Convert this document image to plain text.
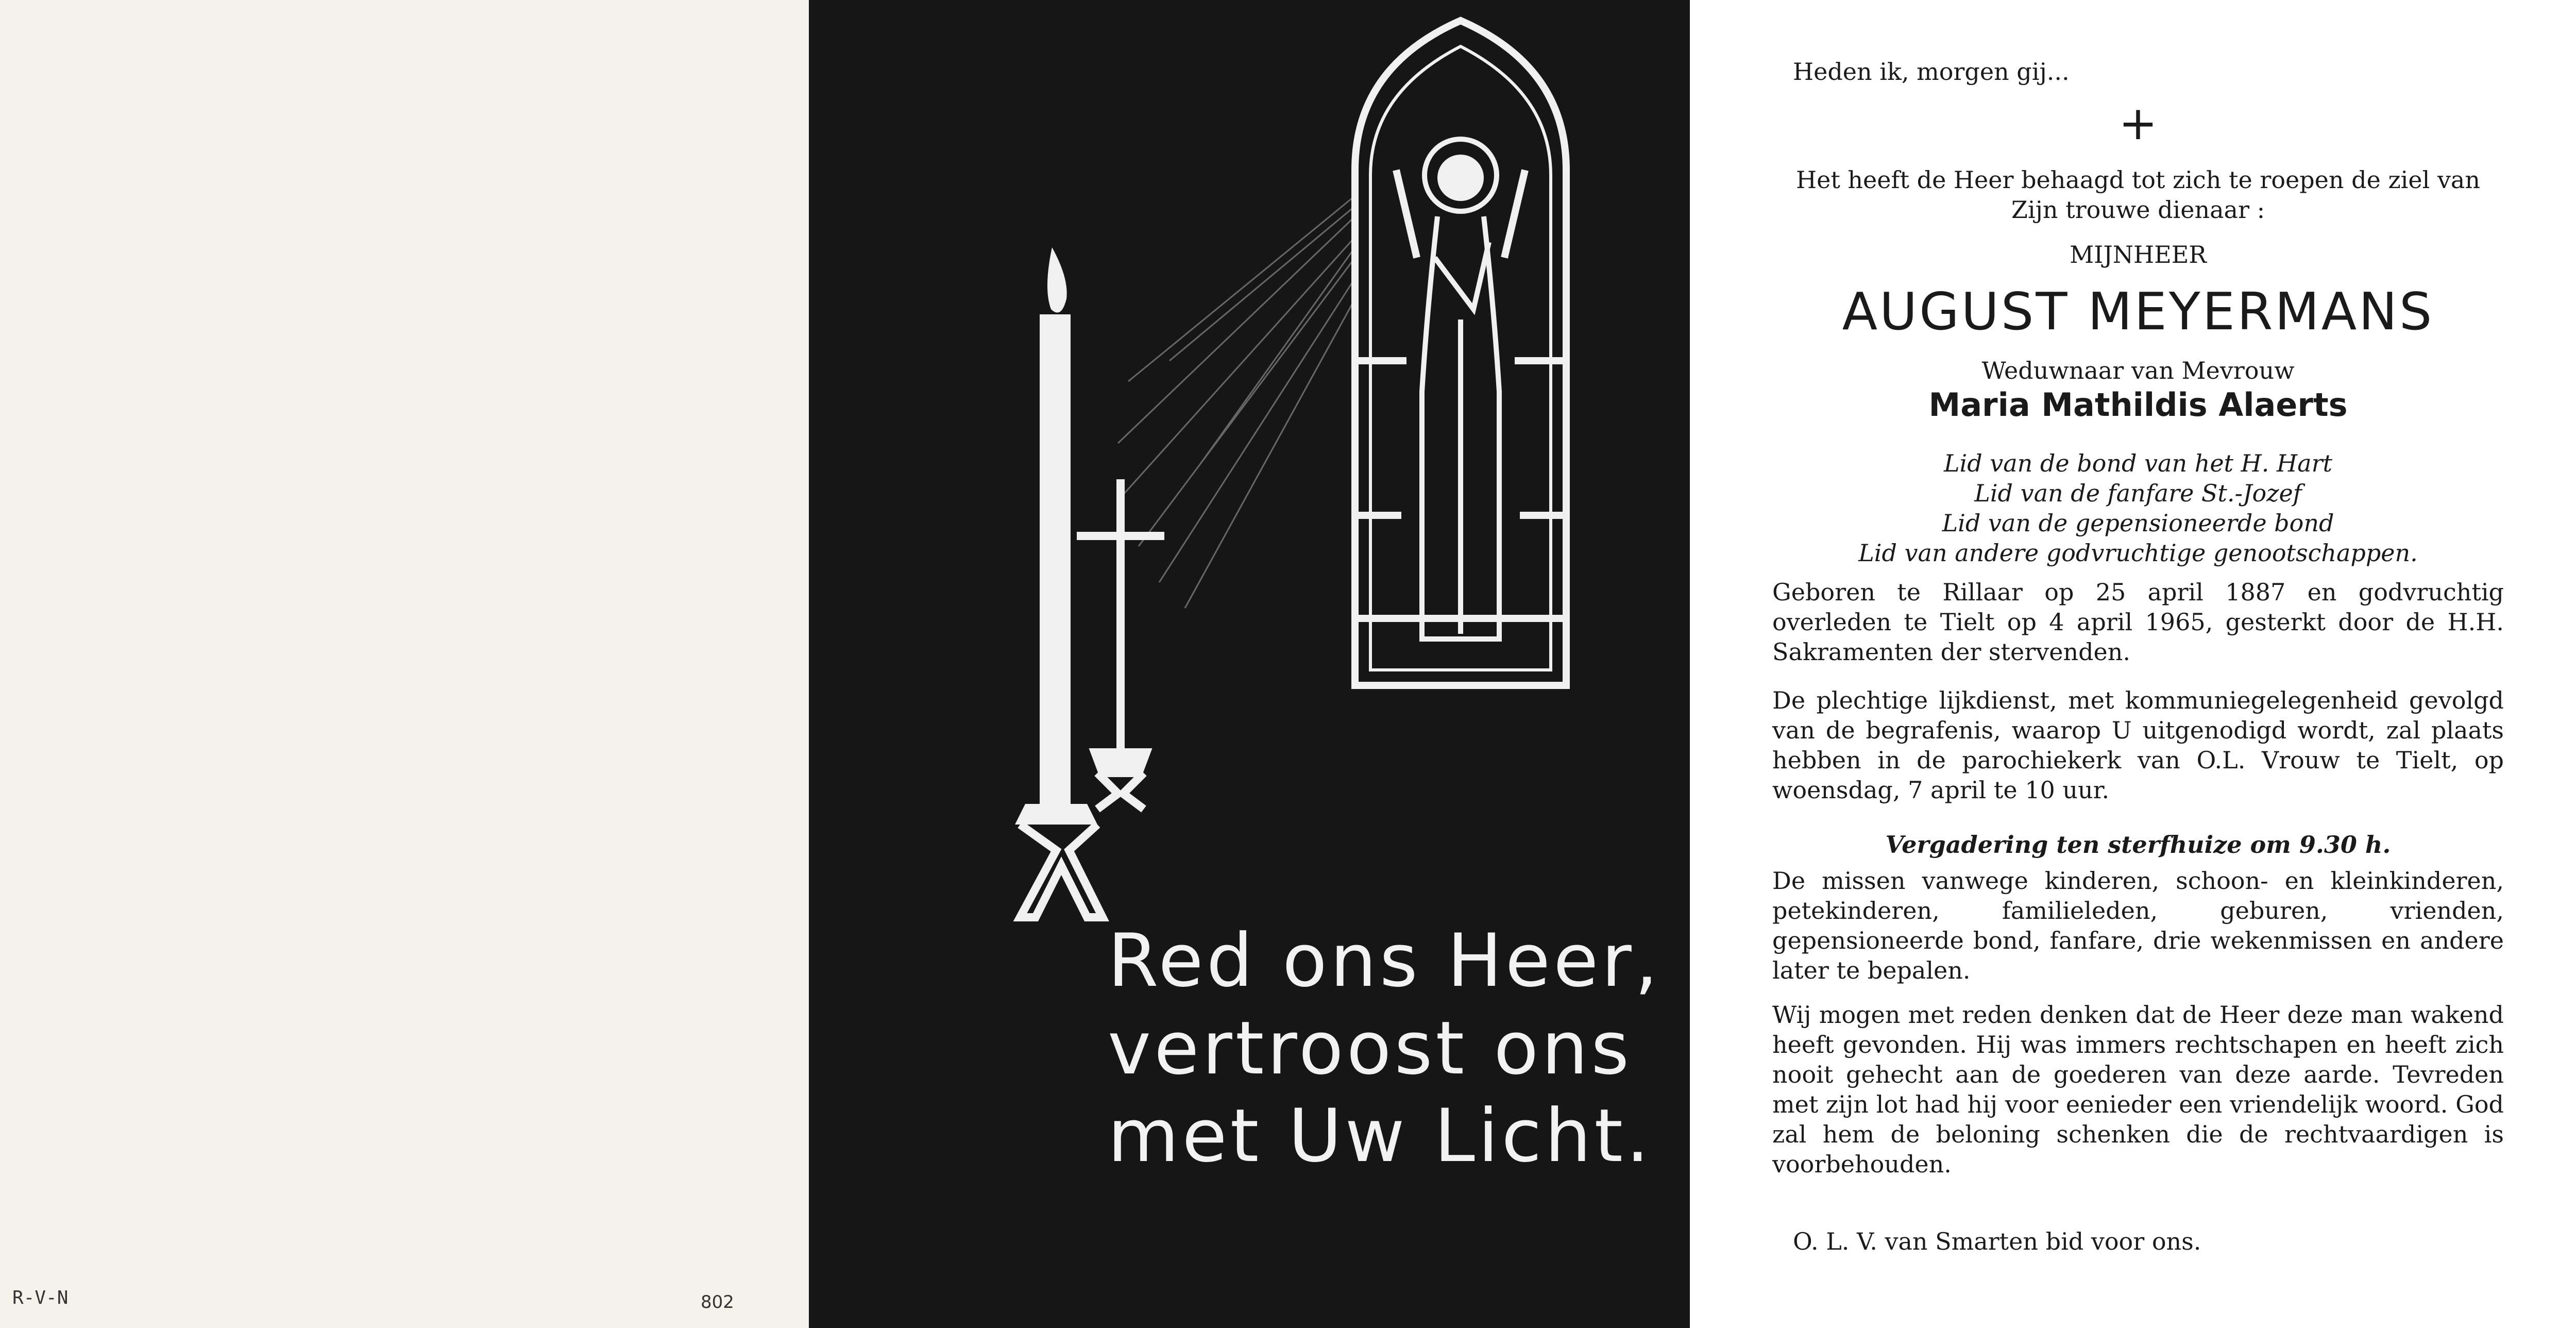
R-V-N	802
Red ons Heer,
vertroost ons
met Uw Licht.
Heden ik, morgen gij...
+
Het heeft de Heer behaagd tot zich te roepen de ziel van Zijn trouwe dienaar :
MIJNHEER
AUGUST MEYERMANS
Weduwnaar van Mevrouw
Maria Mathildis Alaerts
Lid van de bond van het H. Hart
Lid van de fanfare St.-Jozef
Lid van de gepensioneerde bond
Lid van andere godvruchtige genootschappen.
Geboren te Rillaar op 25 april 1887 en godvruchtig overleden te Tielt op 4 april 1965, gesterkt door de H.H. Sakramenten der stervenden.
De plechtige lijkdienst, met kommuniegelegenheid gevolgd van de begrafenis, waarop U uitgenodigd wordt, zal plaats hebben in de parochiekerk van O.L. Vrouw te Tielt, op woensdag, 7 april te 10 uur.
Vergadering ten sterfhuize om 9.30 h.
De missen vanwege kinderen, schoon- en kleinkinderen, petekinderen, familieleden, geburen, vrienden, gepensioneerde bond, fanfare, drie wekenmissen en andere later te bepalen.
Wij mogen met reden denken dat de Heer deze man wakend heeft gevonden. Hij was immers rechtschapen en heeft zich nooit gehecht aan de goederen van deze aarde. Tevreden met zijn lot had hij voor eenieder een vriendelijk woord. God zal hem de beloning schenken die de rechtvaardigen is voorbehouden.
O. L. V. van Smarten bid voor ons.
